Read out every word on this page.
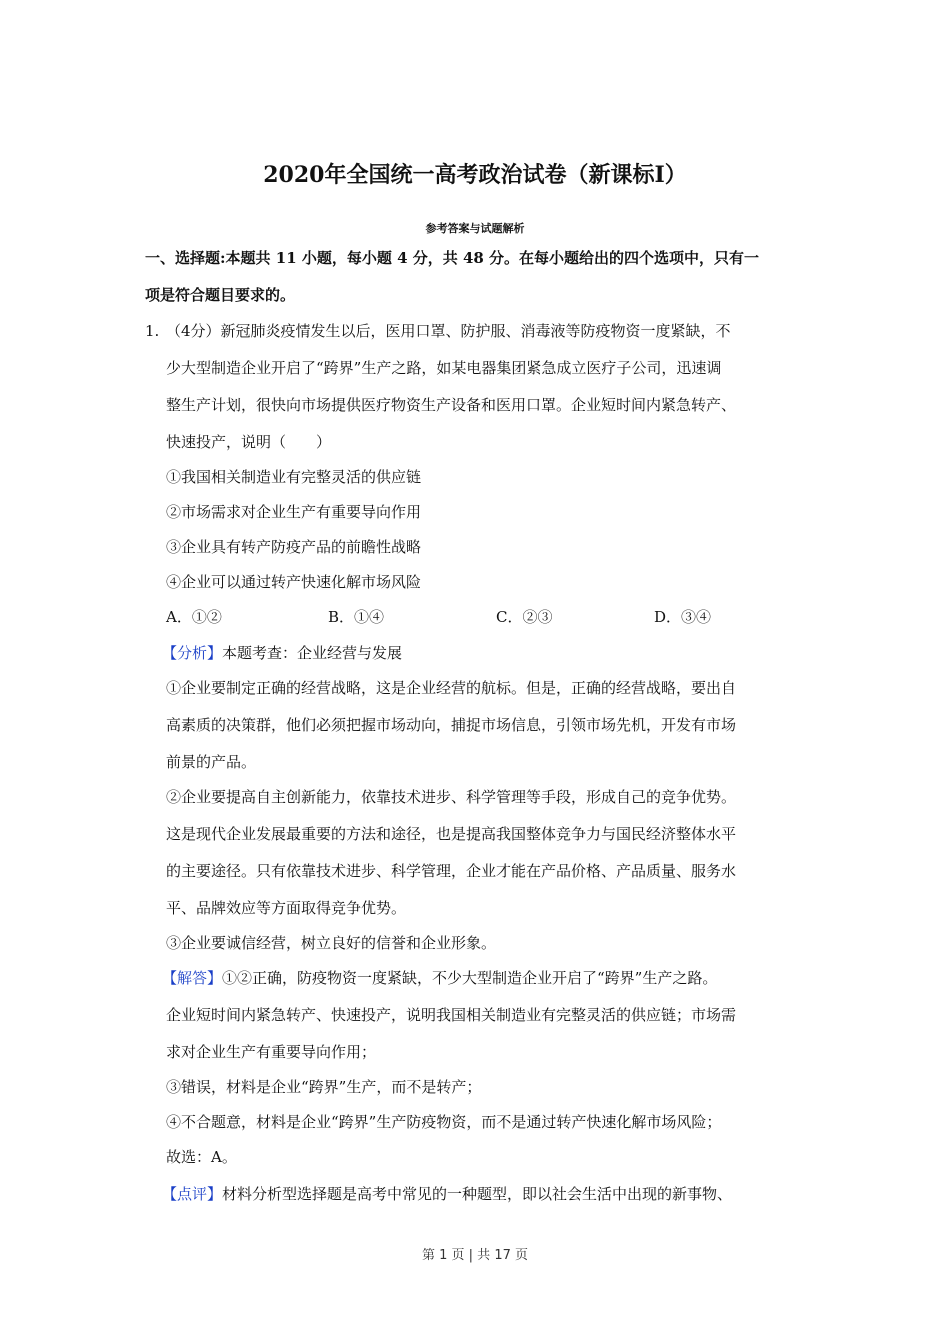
2020年全国统一高考政治试卷（新课标Ⅰ）
参考答案与试题解析
一、选择题:本题共 11 小题，每小题 4 分，共 48 分。在每小题给出的四个选项中，只有一
项是符合题目要求的。
1. （4分）新冠肺炎疫情发生以后，医用口罩、防护服、消毒液等防疫物资一度紧缺，不
少大型制造企业开启了“跨界”生产之路，如某电器集团紧急成立医疗子公司，迅速调
整生产计划，很快向市场提供医疗物资生产设备和医用口罩。企业短时间内紧急转产、
快速投产，说明（　　）
①我国相关制造业有完整灵活的供应链
②市场需求对企业生产有重要导向作用
③企业具有转产防疫产品的前瞻性战略
④企业可以通过转产快速化解市场风险
A．①②	B．①④	C．②③	D．③④
【分析】本题考查：企业经营与发展
①企业要制定正确的经营战略，这是企业经营的航标。但是，正确的经营战略，要出自
高素质的决策群，他们必须把握市场动向，捕捉市场信息，引领市场先机，开发有市场
前景的产品。
②企业要提高自主创新能力，依靠技术进步、科学管理等手段，形成自己的竞争优势。
这是现代企业发展最重要的方法和途径，也是提高我国整体竞争力与国民经济整体水平
的主要途径。只有依靠技术进步、科学管理，企业才能在产品价格、产品质量、服务水
平、品牌效应等方面取得竞争优势。
③企业要诚信经营，树立良好的信誉和企业形象。
【解答】①②正确，防疫物资一度紧缺，不少大型制造企业开启了“跨界”生产之路。
企业短时间内紧急转产、快速投产，说明我国相关制造业有完整灵活的供应链；市场需
求对企业生产有重要导向作用；
③错误，材料是企业“跨界”生产，而不是转产；
④不合题意，材料是企业“跨界”生产防疫物资，而不是通过转产快速化解市场风险；
故选：A。
【点评】材料分析型选择题是高考中常见的一种题型，即以社会生活中出现的新事物、
第 1 页 | 共 17 页
